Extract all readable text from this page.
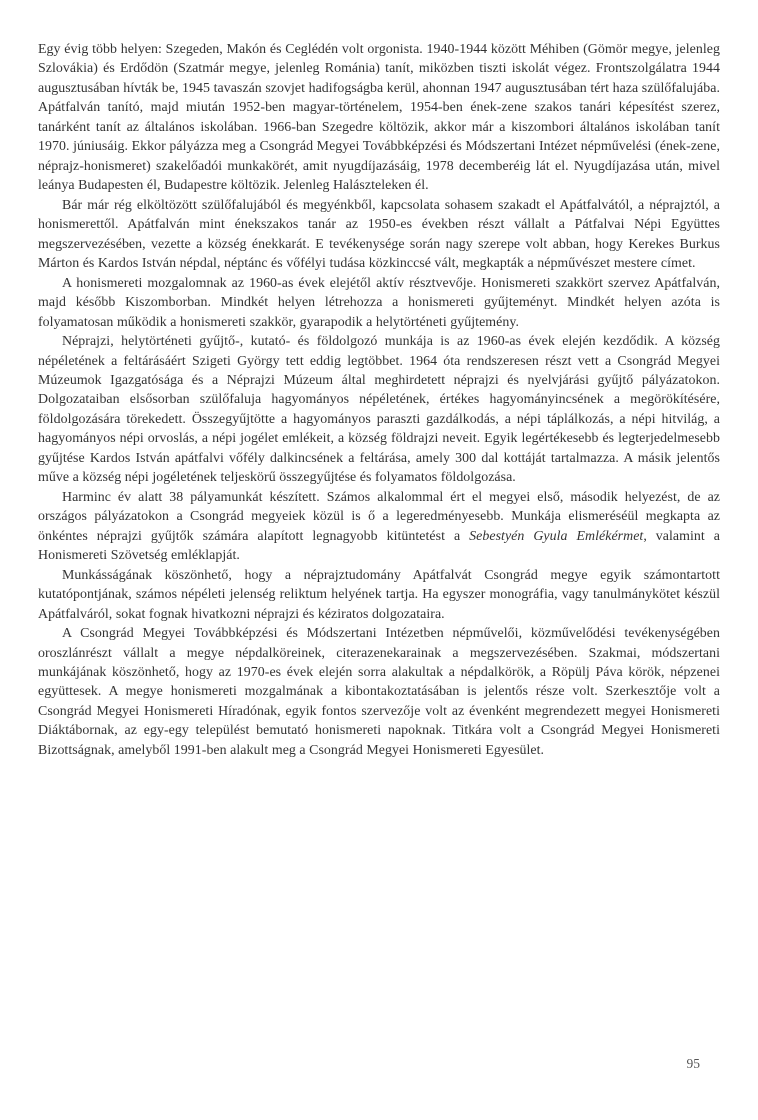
Egy évig több helyen: Szegeden, Makón és Ceglédén volt orgonista. 1940-1944 között Méhiben (Gömör megye, jelenleg Szlovákia) és Erdődön (Szatmár megye, jelenleg Románia) tanít, miközben tiszti iskolát végez. Frontszolgálatra 1944 augusztusában hívták be, 1945 tavaszán szovjet hadifogságba kerül, ahonnan 1947 augusztusában tért haza szülőfalujába. Apátfalván tanító, majd miután 1952-ben magyar-történelem, 1954-ben ének-zene szakos tanári képesítést szerez, tanárként tanít az általános iskolában. 1966-ban Szegedre költözik, akkor már a kiszombori általános iskolában tanít 1970. júniusáig. Ekkor pályázza meg a Csongrád Megyei Továbbképzési és Módszertani Intézet népművelési (ének-zene, néprajz-honismeret) szakelőadói munkakörét, amit nyugdíjazásáig, 1978 decemberéig lát el. Nyugdíjazása után, mivel leánya Budapesten él, Budapestre költözik. Jelenleg Halászteleken él.

Bár már rég elköltözött szülőfalujából és megyénkből, kapcsolata sohasem szakadt el Apátfalvától, a néprajztól, a honismerettől. Apátfalván mint énekszakos tanár az 1950-es években részt vállalt a Pátfalvai Népi Együttes megszervezésében, vezette a község énekkarát. E tevékenysége során nagy szerepe volt abban, hogy Kerekes Burkus Márton és Kardos István népdal, néptánc és vőfélyi tudása közkinccsé vált, megkapták a népművészet mestere címet.

A honismereti mozgalomnak az 1960-as évek elejétől aktív résztvevője. Honismereti szakkört szervez Apátfalván, majd később Kiszomborban. Mindkét helyen létrehozza a honismereti gyűjteményt. Mindkét helyen azóta is folyamatosan működik a honismereti szakkör, gyarapodik a helytörténeti gyűjtemény.

Néprajzi, helytörténeti gyűjtő-, kutató- és földolgozó munkája is az 1960-as évek elején kezdődik. A község népéletének a feltárásáért Szigeti György tett eddig legtöbbet. 1964 óta rendszeresen részt vett a Csongrád Megyei Múzeumok Igazgatósága és a Néprajzi Múzeum által meghirdetett néprajzi és nyelvjárási gyűjtő pályázatokon. Dolgozataiban elsősorban szülőfaluja hagyományos népéletének, értékes hagyományincsének a megörökítésére, földolgozására törekedett. Összegyűjtötte a hagyományos paraszti gazdálkodás, a népi táplálkozás, a népi hitvilág, a hagyományos népi orvoslás, a népi jogélet emlékeit, a község földrajzi neveit. Egyik legértékesebb és legterjedelmesebb gyűjtése Kardos István apátfalvi vőfély dalkincsének a feltárása, amely 300 dal kottáját tartalmazza. A másik jelentős műve a község népi jogéletének teljeskörű összegyűjtése és folyamatos földolgozása.

Harminc év alatt 38 pályamunkát készített. Számos alkalommal ért el megyei első, második helyezést, de az országos pályázatokon a Csongrád megyeiek közül is ő a legeredményesebb. Munkája elismeréséül megkapta az önkéntes néprajzi gyűjtők számára alapított legnagyobb kitüntetést a Sebestyén Gyula Emlékérmet, valamint a Honismereti Szövetség emléklapját.

Munkásságának köszönhető, hogy a néprajztudomány Apátfalvát Csongrád megye egyik számontartott kutatópontjának, számos népéleti jelenség reliktum helyének tartja. Ha egyszer monográfia, vagy tanulmánykötet készül Apátfalváról, sokat fognak hivatkozni néprajzi és kéziratos dolgozataira.

A Csongrád Megyei Továbbképzési és Módszertani Intézetben népművelői, közművelődési tevékenységében oroszlánrészt vállalt a megye népdalköreinek, citerazenekarainak a megszervezésében. Szakmai, módszertani munkájának köszönhető, hogy az 1970-es évek elején sorra alakultak a népdalkörök, a Röpülj Páva körök, népzenei együttesek. A megye honismereti mozgalmának a kibontakoztatásában is jelentős része volt. Szerkesztője volt a Csongrád Megyei Honismereti Híradónak, egyik fontos szervezője volt az évenként megrendezett megyei Honismereti Diáktábornak, az egy-egy települést bemutató honismereti napoknak. Titkára volt a Csongrád Megyei Honismereti Bizottságnak, amelyből 1991-ben alakult meg a Csongrád Megyei Honismereti Egyesület.

95
